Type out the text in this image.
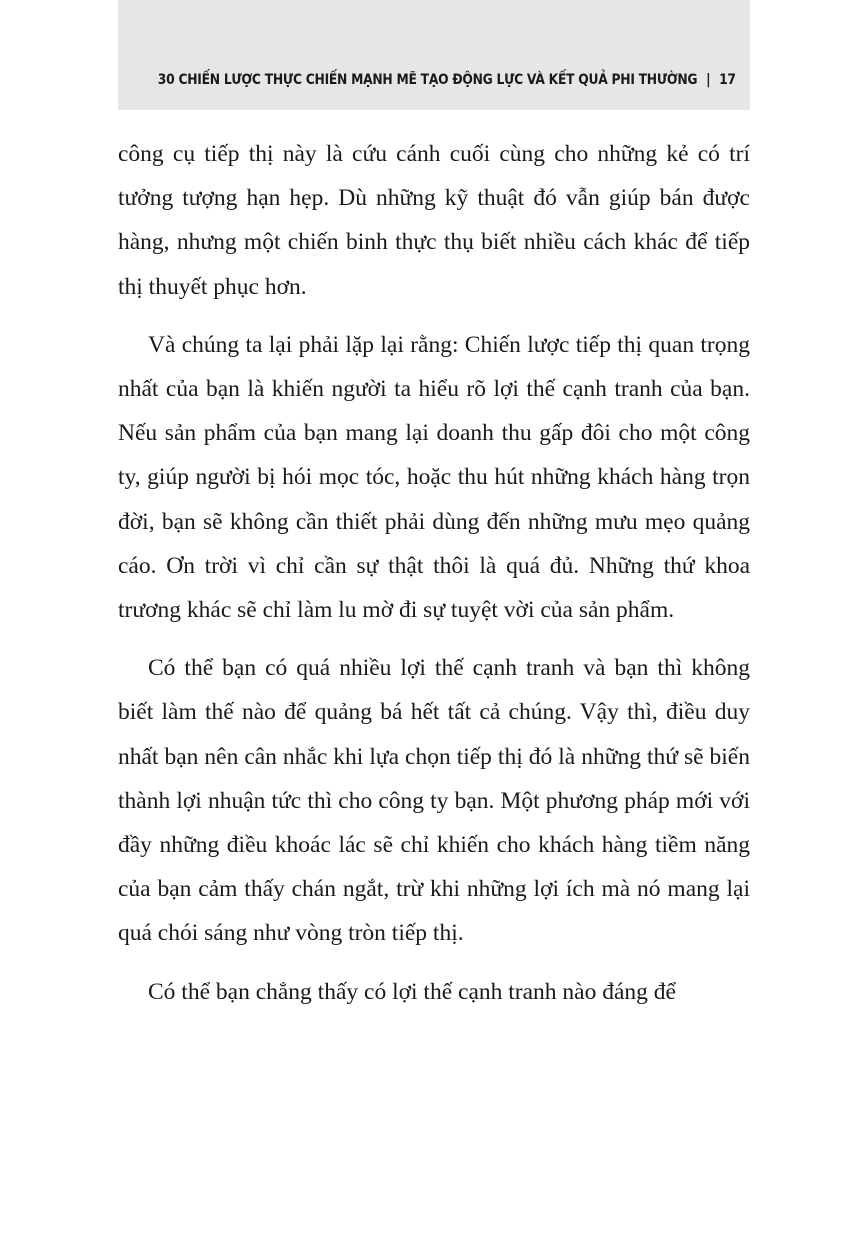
30 CHIẾN LƯỢC THỰC CHIẾN MẠNH MẼ TẠO ĐỘNG LỰC VÀ KẾT QUẢ PHI THƯỜNG | 17

công cụ tiếp thị này là cứu cánh cuối cùng cho những kẻ có trí tưởng tượng hạn hẹp. Dù những kỹ thuật đó vẫn giúp bán được hàng, nhưng một chiến binh thực thụ biết nhiều cách khác để tiếp thị thuyết phục hơn.

Và chúng ta lại phải lặp lại rằng: Chiến lược tiếp thị quan trọng nhất của bạn là khiến người ta hiểu rõ lợi thế cạnh tranh của bạn. Nếu sản phẩm của bạn mang lại doanh thu gấp đôi cho một công ty, giúp người bị hói mọc tóc, hoặc thu hút những khách hàng trọn đời, bạn sẽ không cần thiết phải dùng đến những mưu mẹo quảng cáo. Ơn trời vì chỉ cần sự thật thôi là quá đủ. Những thứ khoa trương khác sẽ chỉ làm lu mờ đi sự tuyệt vời của sản phẩm.

Có thể bạn có quá nhiều lợi thế cạnh tranh và bạn thì không biết làm thế nào để quảng bá hết tất cả chúng. Vậy thì, điều duy nhất bạn nên cân nhắc khi lựa chọn tiếp thị đó là những thứ sẽ biến thành lợi nhuận tức thì cho công ty bạn. Một phương pháp mới với đầy những điều khoác lác sẽ chỉ khiến cho khách hàng tiềm năng của bạn cảm thấy chán ngắt, trừ khi những lợi ích mà nó mang lại quá chói sáng như vòng tròn tiếp thị.

Có thể bạn chẳng thấy có lợi thế cạnh tranh nào đáng để
